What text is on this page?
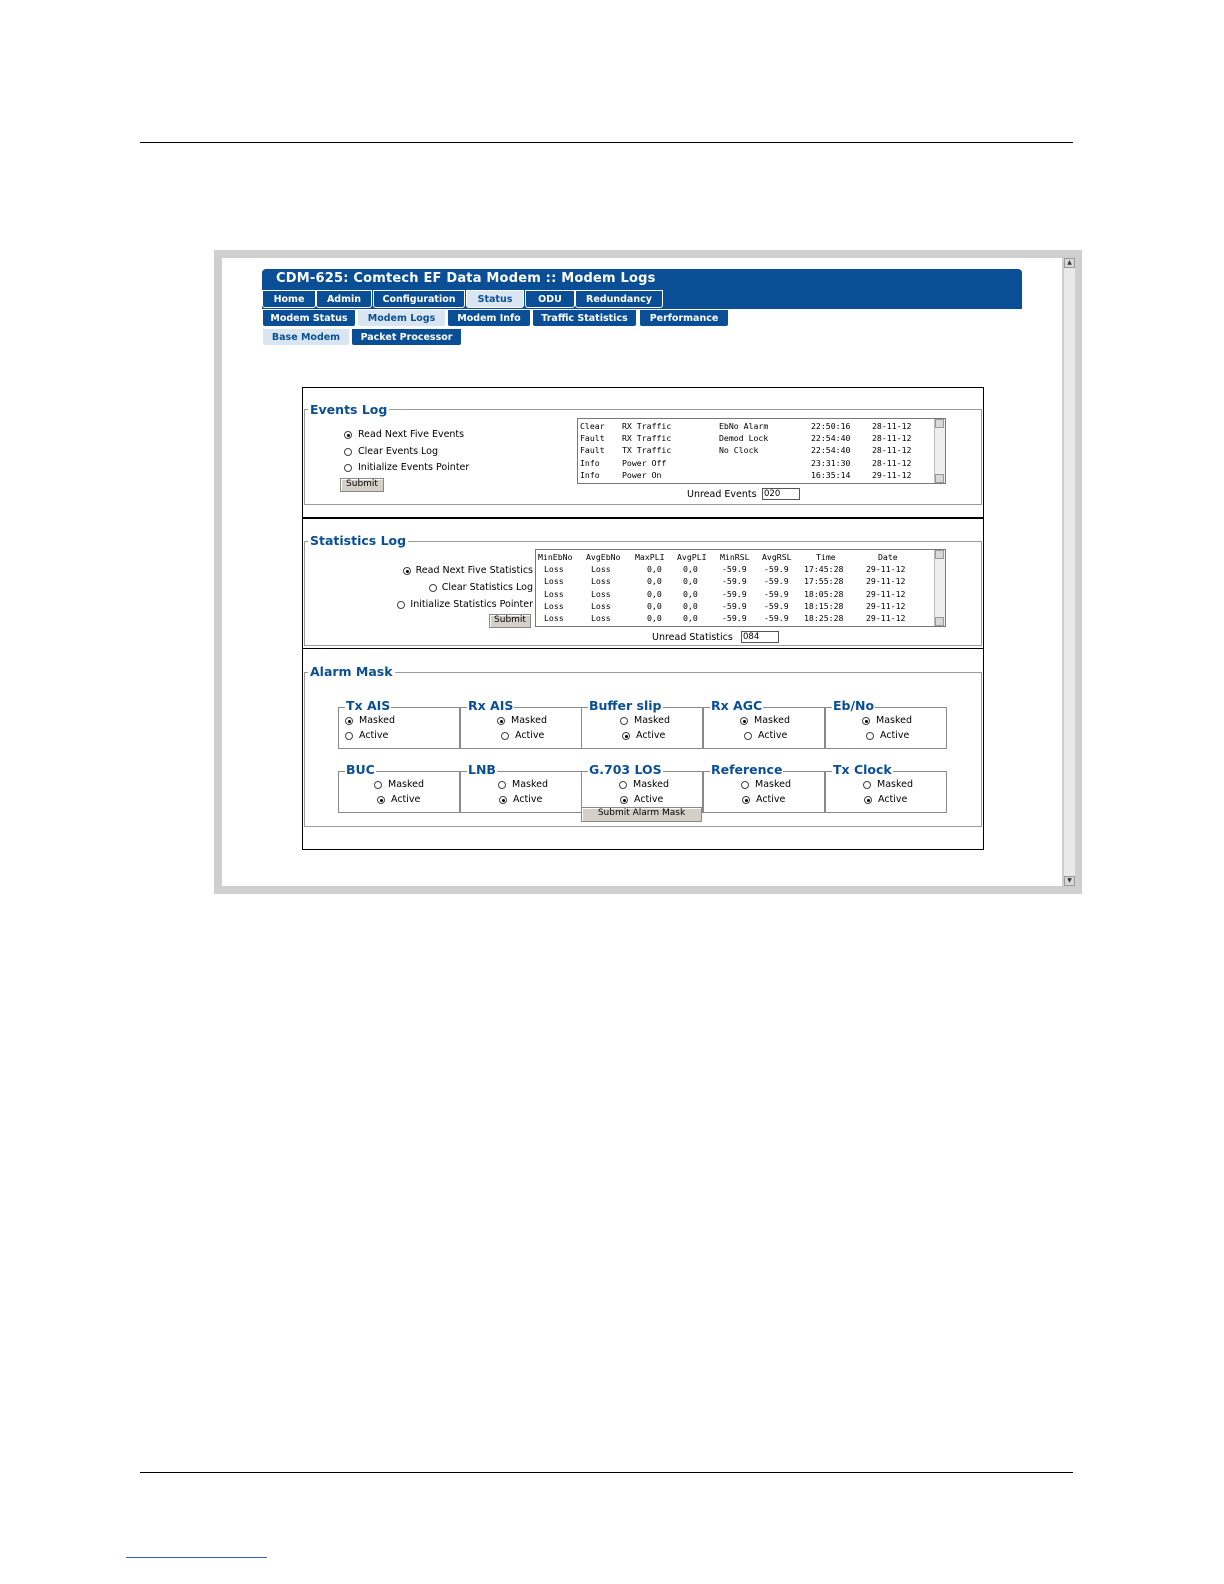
CDM-625: Comtech EF Data Modem :: Modem Logs
Home	Admin	Configuration	Status	ODU	Redundancy
Modem Status	Modem Logs	Modem Info	Traffic Statistics	Performance
Base Modem	Packet Processor
Events Log
Read Next Five Events
Clear Events Log
Initialize Events Pointer
Submit
Clear RX Traffic	EbNo Alarm	22:50:16	28-11-12
Fault RX Traffic	Demod Lock	22:54:40	28-11-12
Fault TX Traffic	No Clock	22:54:40	28-11-12
Info	Power Off	23:31:30	28-11-12
Info	Power On	16:35:14	29-11-12
Unread Events 020
Statistics Log
Read Next Five Statistics
Clear Statistics Log
Initialize Statistics Pointer
Submit
MinEbNo AvgEbNo MaxPLI AvgPLI MinRSL AvgRSL	Time	Date
Loss	Loss	0,0	0,0	-59.9 -59.9 17:45:28	29-11-12
Loss	Loss	0,0	0,0	-59.9 -59.9 17:55:28	29-11-12
Loss	Loss	0,0	0,0	-59.9 -59.9 18:05:28	29-11-12
Loss	Loss	0,0	0,0	-59.9 -59.9 18:15:28	29-11-12
Loss	Loss	0,0	0,0	-59.9 -59.9 18:25:28	29-11-12
Unread Statistics 084
Alarm Mask
Tx AIS
Masked
Active
Rx AIS
Masked
Active
Buffer slip
Masked
Active
Rx AGC
Masked
Active
Eb/No
Masked
Active
BUC
Masked
Active
LNB
Masked
Active
G.703 LOS
Masked
Active
Reference
Masked
Active
Tx Clock
Masked
Active
Submit Alarm Mask
▲
▼
